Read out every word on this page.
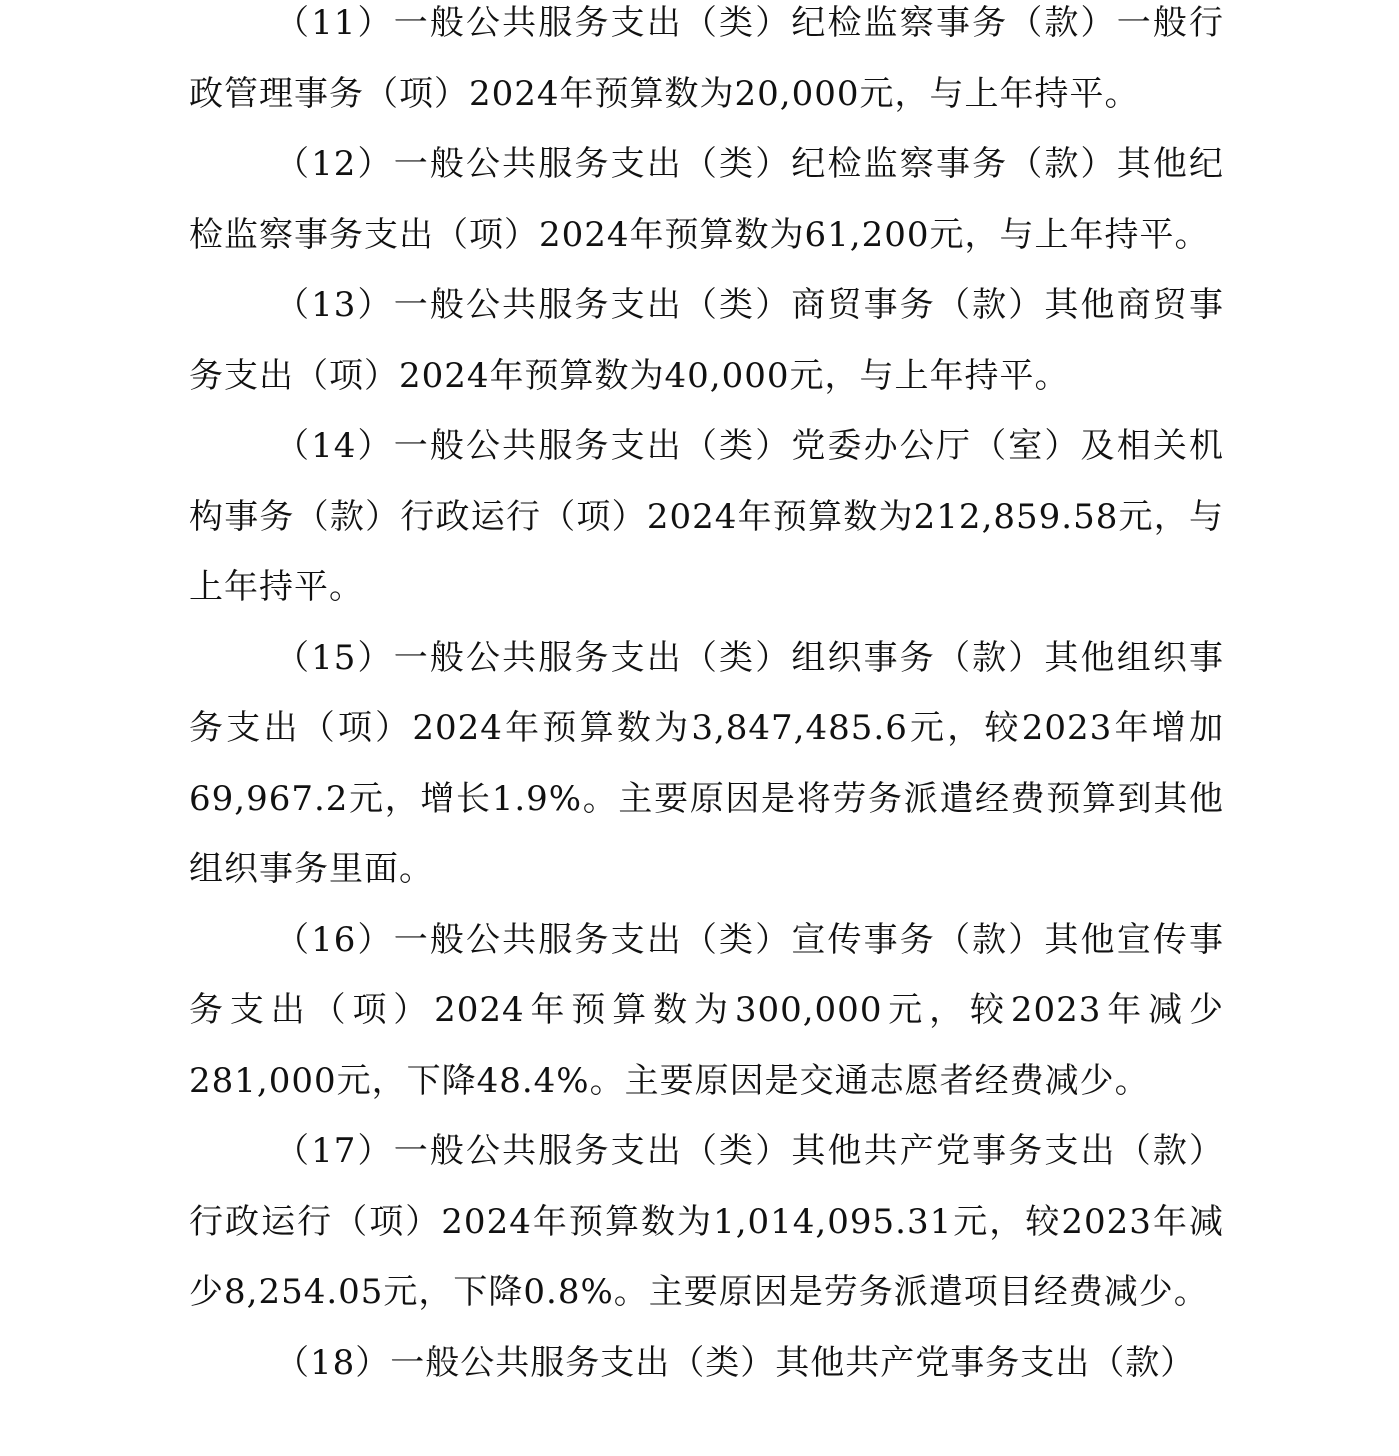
（11）一般公共服务支出（类）纪检监察事务（款）一般行政管理事务（项）2024年预算数为20,000元，与上年持平。

（12）一般公共服务支出（类）纪检监察事务（款）其他纪检监察事务支出（项）2024年预算数为61,200元，与上年持平。

（13）一般公共服务支出（类）商贸事务（款）其他商贸事务支出（项）2024年预算数为40,000元，与上年持平。

（14）一般公共服务支出（类）党委办公厅（室）及相关机构事务（款）行政运行（项）2024年预算数为212,859.58元，与上年持平。

（15）一般公共服务支出（类）组织事务（款）其他组织事务支出（项）2024年预算数为3,847,485.6元，较2023年增加69,967.2元，增长1.9%。主要原因是将劳务派遣经费预算到其他组织事务里面。

（16）一般公共服务支出（类）宣传事务（款）其他宣传事务支出（项）2024年预算数为300,000元，较2023年减少281,000元，下降48.4%。主要原因是交通志愿者经费减少。

（17）一般公共服务支出（类）其他共产党事务支出（款）行政运行（项）2024年预算数为1,014,095.31元，较2023年减少8,254.05元，下降0.8%。主要原因是劳务派遣项目经费减少。

（18）一般公共服务支出（类）其他共产党事务支出（款）
